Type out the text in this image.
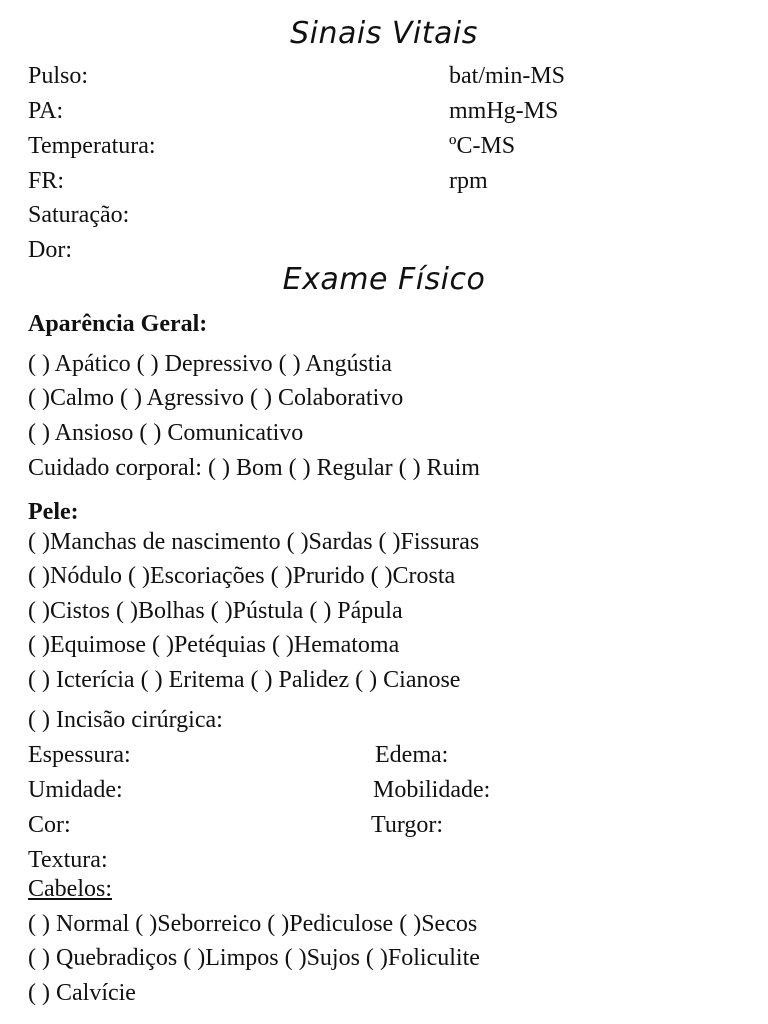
Sinais Vitais
Pulso:	bat/min-MS
PA:	mmHg-MS
Temperatura:	ºC-MS
FR:	rpm
Saturação:
Dor:
Exame Físico
Aparência Geral:
( ) Apático ( ) Depressivo ( ) Angústia
( )Calmo ( ) Agressivo ( ) Colaborativo
( ) Ansioso ( ) Comunicativo
Cuidado corporal: ( ) Bom ( ) Regular ( ) Ruim
Pele:
( )Manchas de nascimento ( )Sardas ( )Fissuras
( )Nódulo ( )Escoriações ( )Prurido ( )Crosta
( )Cistos ( )Bolhas ( )Pústula ( ) Pápula
( )Equimose ( )Petéquias ( )Hematoma
( ) Icterícia ( ) Eritema ( ) Palidez ( ) Cianose
( ) Incisão cirúrgica:
Espessura:	Edema:
Umidade:	Mobilidade:
Cor:	Turgor:
Textura:
Cabelos:
( ) Normal ( )Seborreico ( )Pediculose ( )Secos
( ) Quebradiços ( )Limpos ( )Sujos ( )Foliculite
( ) Calvície
